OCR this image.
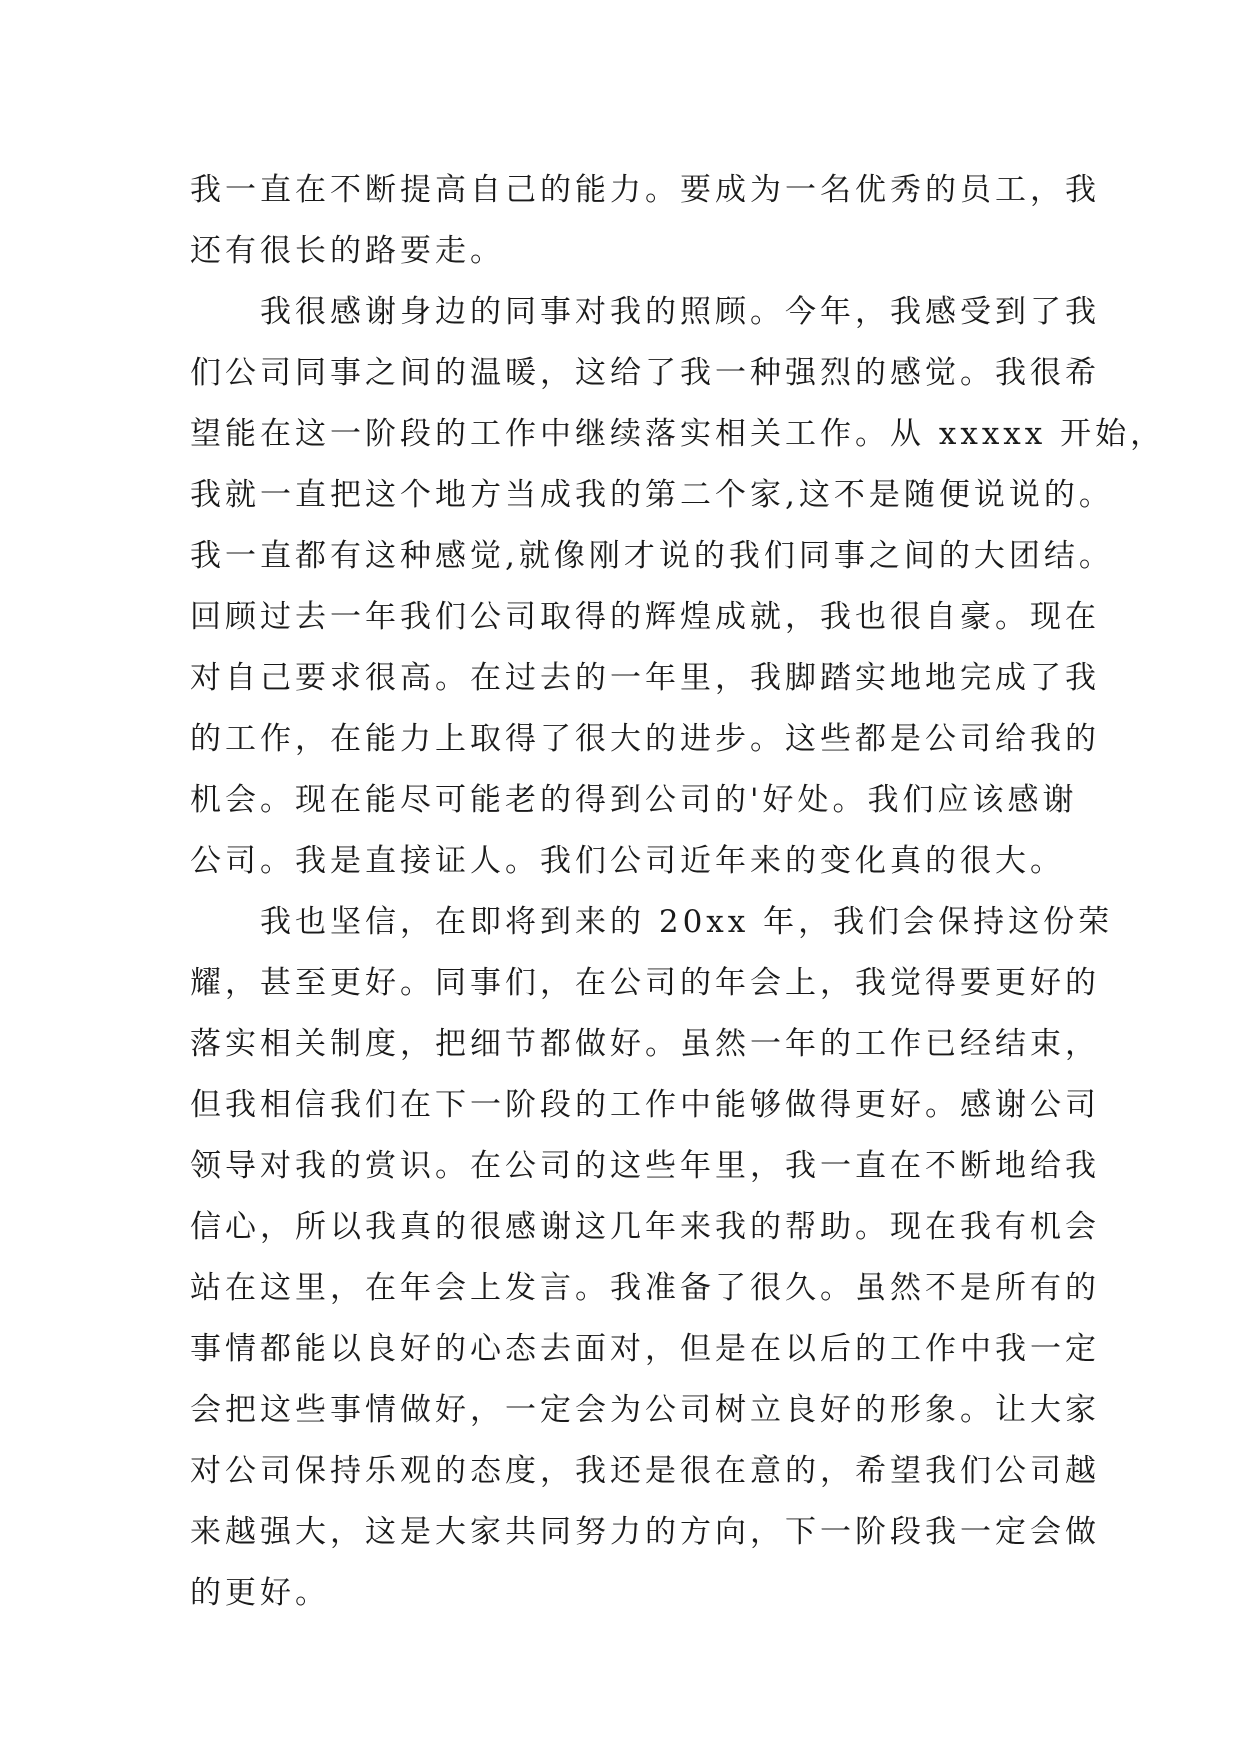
我一直在不断提高自己的能力。要成为一名优秀的员工，我
还有很长的路要走。
　　我很感谢身边的同事对我的照顾。今年，我感受到了我
们公司同事之间的温暖，这给了我一种强烈的感觉。我很希
望能在这一阶段的工作中继续落实相关工作。从 xxxxx 开始，
我就一直把这个地方当成我的第二个家,这不是随便说说的。
我一直都有这种感觉,就像刚才说的我们同事之间的大团结。
回顾过去一年我们公司取得的辉煌成就，我也很自豪。现在
对自己要求很高。在过去的一年里，我脚踏实地地完成了我
的工作，在能力上取得了很大的进步。这些都是公司给我的
机会。现在能尽可能老的得到公司的'好处。我们应该感谢
公司。我是直接证人。我们公司近年来的变化真的很大。
　　我也坚信，在即将到来的 20xx 年，我们会保持这份荣
耀，甚至更好。同事们，在公司的年会上，我觉得要更好的
落实相关制度，把细节都做好。虽然一年的工作已经结束，
但我相信我们在下一阶段的工作中能够做得更好。感谢公司
领导对我的赏识。在公司的这些年里，我一直在不断地给我
信心，所以我真的很感谢这几年来我的帮助。现在我有机会
站在这里，在年会上发言。我准备了很久。虽然不是所有的
事情都能以良好的心态去面对，但是在以后的工作中我一定
会把这些事情做好，一定会为公司树立良好的形象。让大家
对公司保持乐观的态度，我还是很在意的，希望我们公司越
来越强大，这是大家共同努力的方向，下一阶段我一定会做
的更好。
